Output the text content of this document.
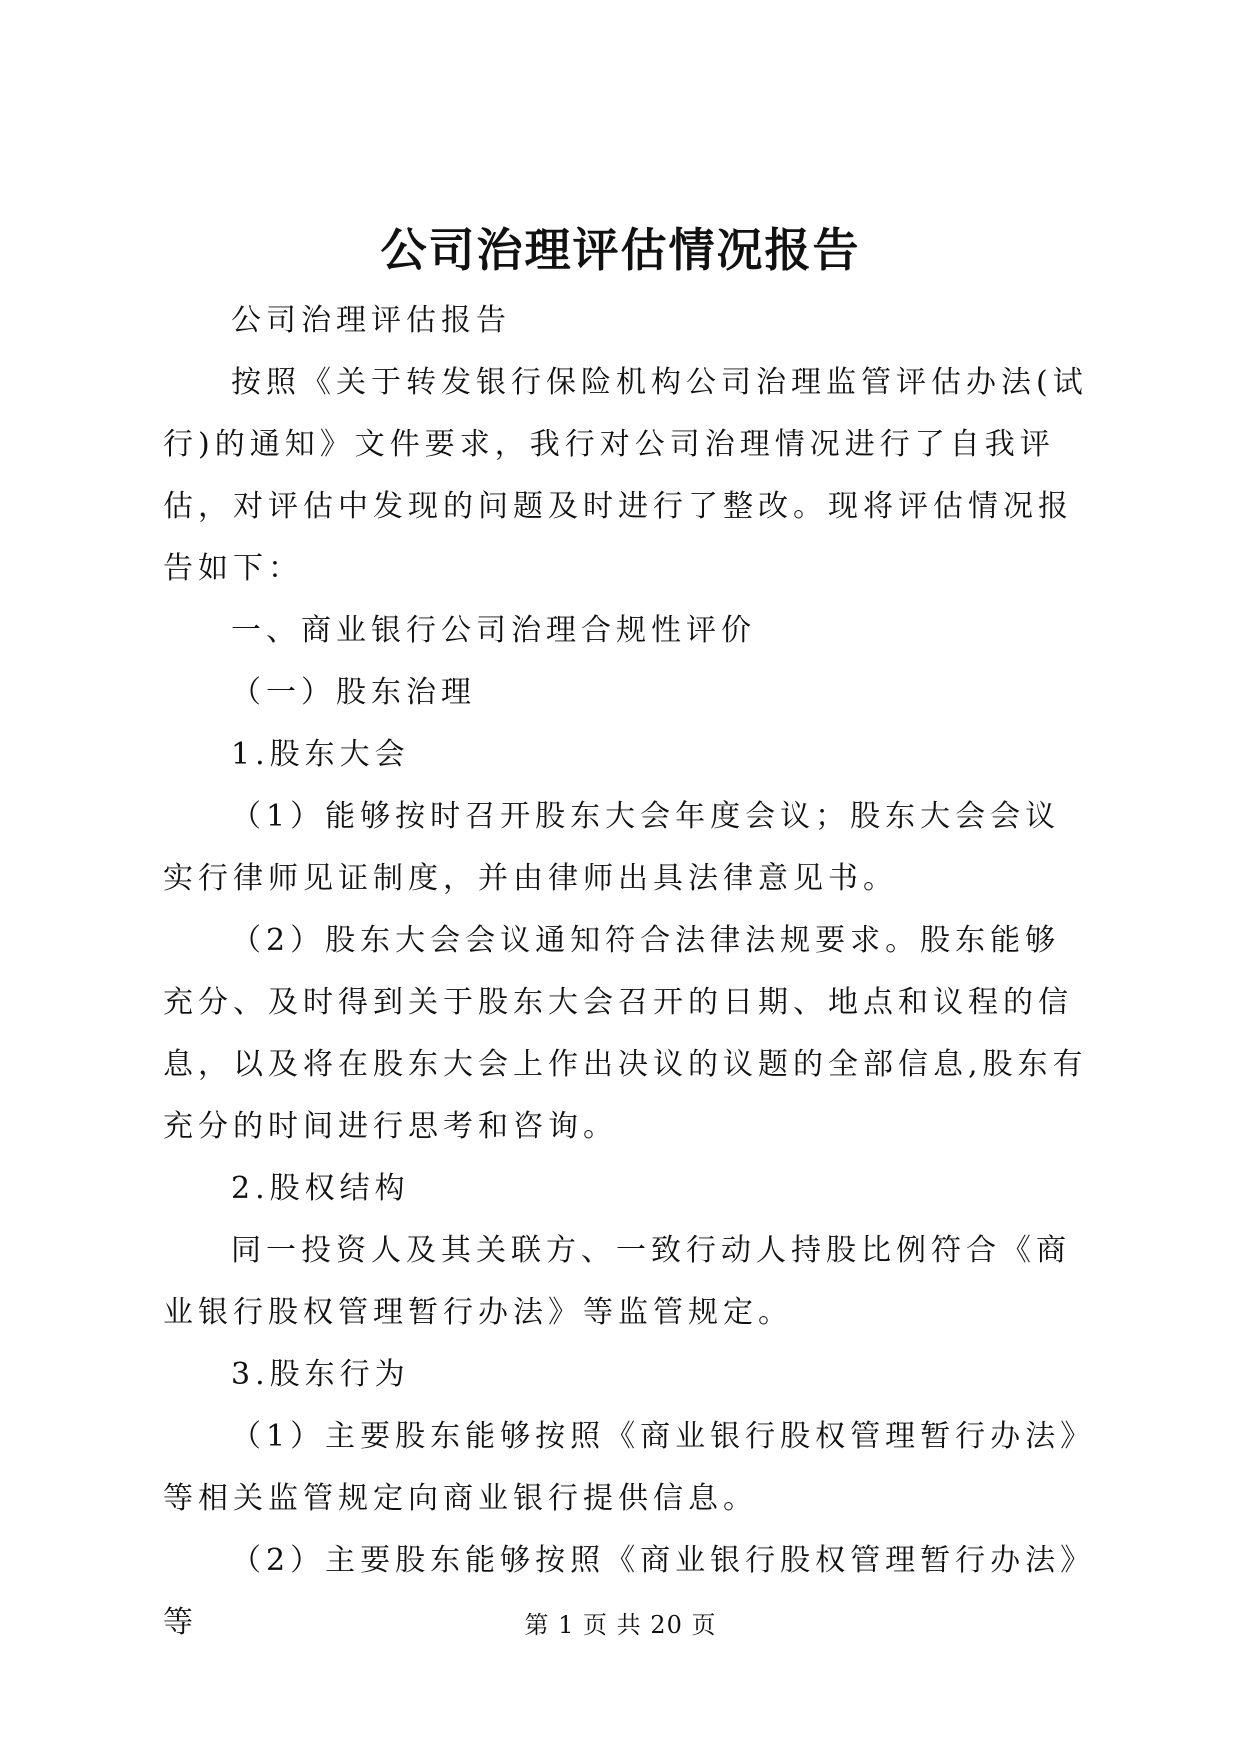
公司治理评估情况报告

公司治理评估报告

按照《关于转发银行保险机构公司治理监管评估办法(试行)的通知》文件要求，我行对公司治理情况进行了自我评估，对评估中发现的问题及时进行了整改。现将评估情况报告如下：

一、商业银行公司治理合规性评价

（一）股东治理

1.股东大会

（1）能够按时召开股东大会年度会议；股东大会会议实行律师见证制度，并由律师出具法律意见书。

（2）股东大会会议通知符合法律法规要求。股东能够充分、及时得到关于股东大会召开的日期、地点和议程的信息，以及将在股东大会上作出决议的议题的全部信息,股东有充分的时间进行思考和咨询。

2.股权结构

同一投资人及其关联方、一致行动人持股比例符合《商业银行股权管理暂行办法》等监管规定。

3.股东行为

（1）主要股东能够按照《商业银行股权管理暂行办法》等相关监管规定向商业银行提供信息。

（2）主要股东能够按照《商业银行股权管理暂行办法》等	第 1 页 共 20 页
